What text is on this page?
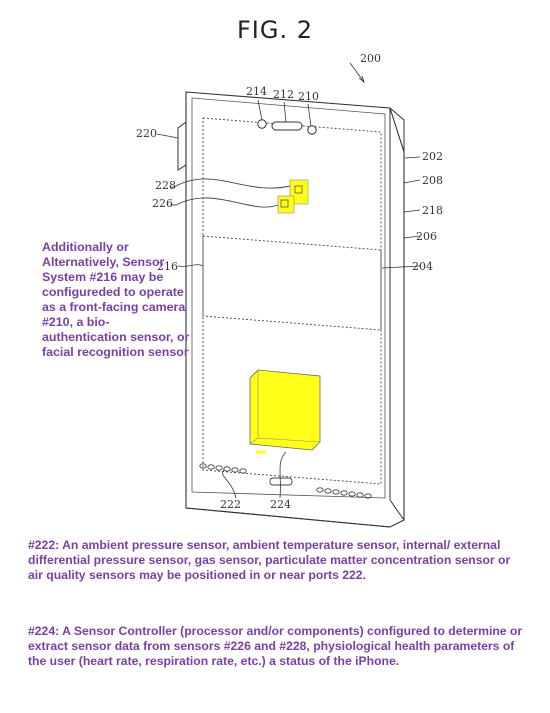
FIG. 2
200
214 212 210
220
228
226
216
202
208
218
206
204
222	224
Additionally or Alternatively, Sensor System #216 may be configureded to operate as a front-facing camera #210, a bio-authentication sensor, or facial recognition sensor

#222: An ambient pressure sensor, ambient temperature sensor, internal/ external differential pressure sensor, gas sensor, particulate matter concentration sensor or air quality sensors may be positioned in or near ports 222.

#224: A Sensor Controller (processor and/or components) configured to determine or extract sensor data from sensors #226 and #228, physiological health parameters of the user (heart rate, respiration rate, etc.) a status of the iPhone.
